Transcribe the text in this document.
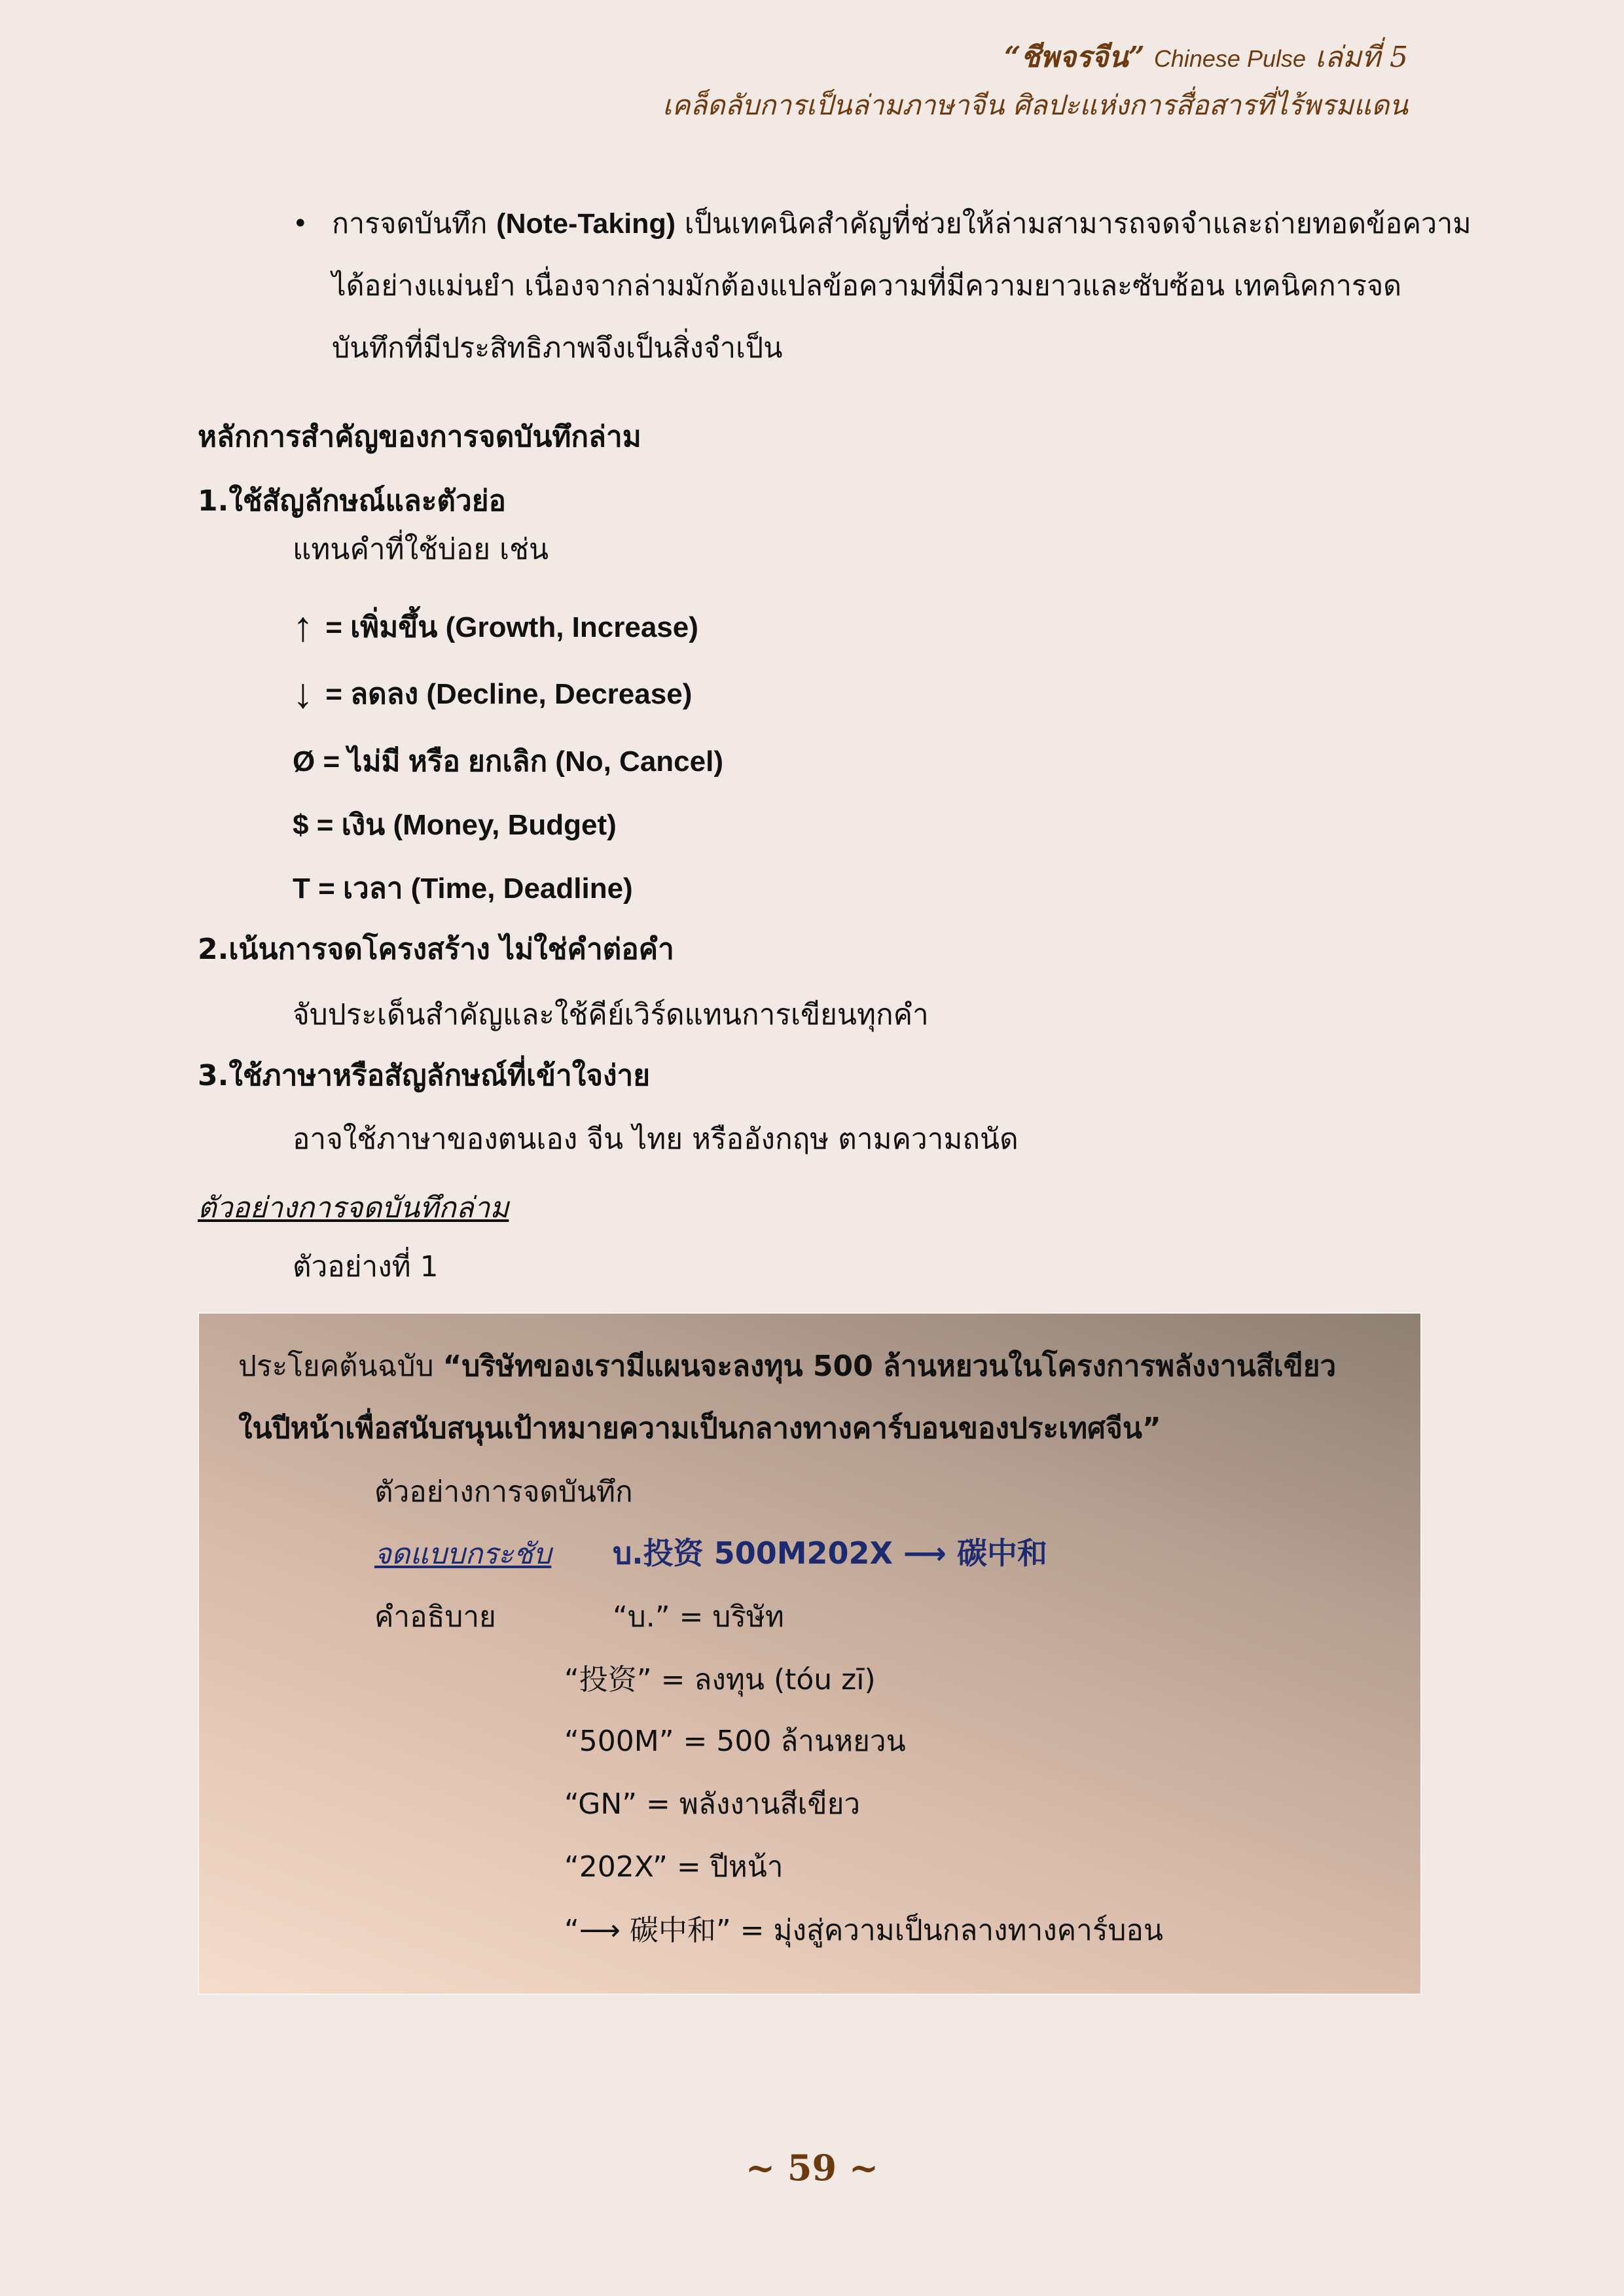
“ชีพจรจีน” Chinese Pulse เล่มที่ 5
เคล็ดลับการเป็นล่ามภาษาจีน ศิลปะแห่งการสื่อสารที่ไร้พรมแดน
• การจดบันทึก (Note-Taking) เป็นเทคนิคสำคัญที่ช่วยให้ล่ามสามารถจดจำและถ่ายทอดข้อความ
ได้อย่างแม่นยำ เนื่องจากล่ามมักต้องแปลข้อความที่มีความยาวและซับซ้อน เทคนิคการจด
บันทึกที่มีประสิทธิภาพจึงเป็นสิ่งจำเป็น
หลักการสำคัญของการจดบันทึกล่าม
1.ใช้สัญลักษณ์และตัวย่อ
แทนคำที่ใช้บ่อย เช่น
↑ = เพิ่มขึ้น (Growth, Increase)
↓ = ลดลง (Decline, Decrease)
Ø = ไม่มี หรือ ยกเลิก (No, Cancel)
$ = เงิน (Money, Budget)
T = เวลา (Time, Deadline)
2.เน้นการจดโครงสร้าง ไม่ใช่คำต่อคำ
จับประเด็นสำคัญและใช้คีย์เวิร์ดแทนการเขียนทุกคำ
3.ใช้ภาษาหรือสัญลักษณ์ที่เข้าใจง่าย
อาจใช้ภาษาของตนเอง จีน ไทย หรืออังกฤษ ตามความถนัด
ตัวอย่างการจดบันทึกล่าม
ตัวอย่างที่ 1
ประโยคต้นฉบับ “บริษัทของเรามีแผนจะลงทุน 500 ล้านหยวนในโครงการพลังงานสีเขียว
ในปีหน้าเพื่อสนับสนุนเป้าหมายความเป็นกลางทางคาร์บอนของประเทศจีน”
ตัวอย่างการจดบันทึก
จดแบบกระชับ บ.投资 500M202X ⟶ 碳中和
คำอธิบาย	“บ.” = บริษัท
“投资” = ลงทุน (tóu zī)
“500M” = 500 ล้านหยวน
“GN” = พลังงานสีเขียว
“202X” = ปีหน้า
“⟶ 碳中和” = มุ่งสู่ความเป็นกลางทางคาร์บอน
~ 59 ~
